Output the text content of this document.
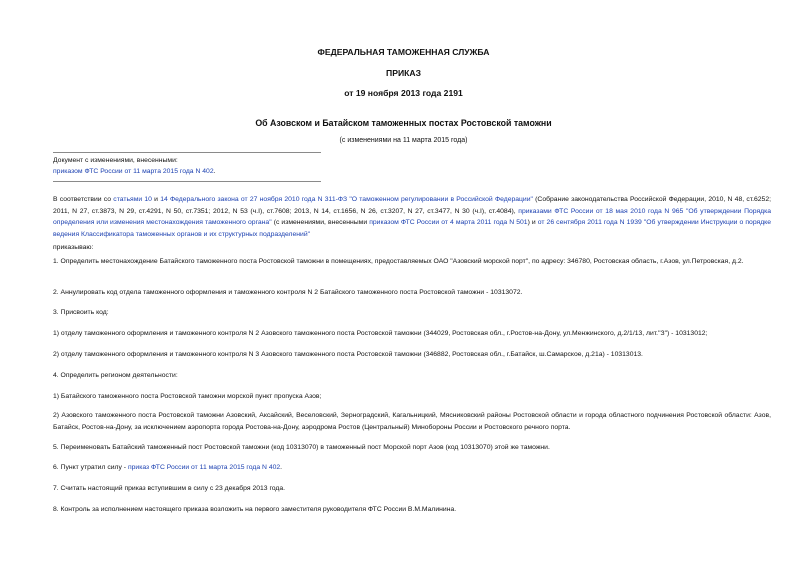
ФЕДЕРАЛЬНАЯ ТАМОЖЕННАЯ СЛУЖБА
ПРИКАЗ
от 19 ноября 2013 года 2191
Об Азовском и Батайском таможенных постах Ростовской таможни
(с изменениями на 11 марта 2015 года)
Документ с изменениями, внесенными:
приказом ФТС России от 11 марта 2015 года N 402.
В соответствии со статьями 10 и 14 Федерального закона от 27 ноября 2010 года N 311-ФЗ "О таможенном регулировании в Российской Федерации" (Собрание законодательства Российской Федерации, 2010, N 48, ст.6252; 2011, N 27, ст.3873, N 29, ст.4291, N 50, ст.7351; 2012, N 53 (ч.I), ст.7608; 2013, N 14, ст.1656, N 26, ст.3207, N 27, ст.3477, N 30 (ч.I), ст.4084), приказами ФТС России от 18 мая 2010 года N 965 "Об утверждении Порядка определения или изменения местонахождения таможенного органа" (с изменениями, внесенными приказом ФТС России от 4 марта 2011 года N 501) и от 26 сентября 2011 года N 1939 "Об утверждении Инструкции о порядке ведения Классификатора таможенных органов и их структурных подразделений"
приказываю:
1. Определить местонахождение Батайского таможенного поста Ростовской таможни в помещениях, предоставляемых ОАО "Азовский морской порт", по адресу: 346780, Ростовская область, г.Азов, ул.Петровская, д.2.
2. Аннулировать код отдела таможенного оформления и таможенного контроля N 2 Батайского таможенного поста Ростовской таможни - 10313072.
3. Присвоить код:
1) отделу таможенного оформления и таможенного контроля N 2 Азовского таможенного поста Ростовской таможни (344029, Ростовская обл., г.Ростов-на-Дону, ул.Менжинского, д.2/1/13, лит."З") - 10313012;
2) отделу таможенного оформления и таможенного контроля N 3 Азовского таможенного поста Ростовской таможни (346882, Ростовская обл., г.Батайск, ш.Самарское, д.21а) - 10313013.
4. Определить регионом деятельности:
1) Батайского таможенного поста Ростовской таможни морской пункт пропуска Азов;
2) Азовского таможенного поста Ростовской таможни Азовский, Аксайский, Веселовский, Зерноградский, Кагальницкий, Мясниковский районы Ростовской области и города областного подчинения Ростовской области: Азов, Батайск, Ростов-на-Дону, за исключением аэропорта города Ростова-на-Дону, аэродрома Ростов (Центральный) Минобороны России и Ростовского речного порта.
5. Переименовать Батайский таможенный пост Ростовской таможни (код 10313070) в таможенный пост Морской порт Азов (код 10313070) этой же таможни.
6. Пункт утратил силу - приказ ФТС России от 11 марта 2015 года N 402.
7. Считать настоящий приказ вступившим в силу с 23 декабря 2013 года.
8. Контроль за исполнением настоящего приказа возложить на первого заместителя руководителя ФТС России В.М.Малинина.
